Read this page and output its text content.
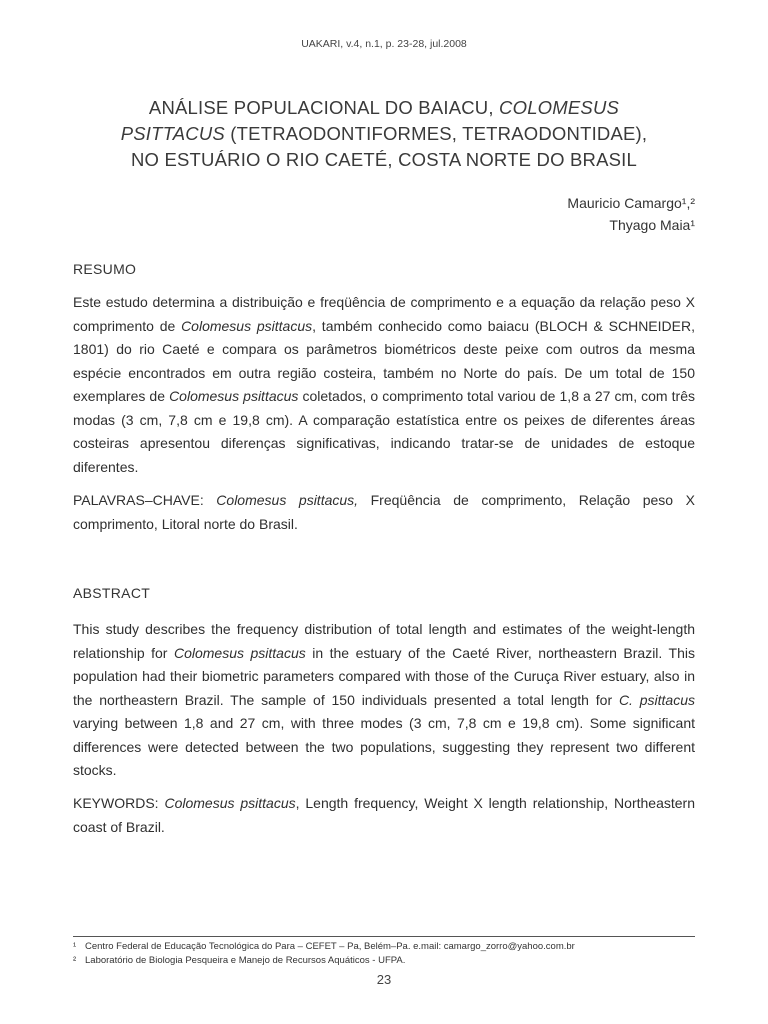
UAKARI, v.4, n.1, p. 23-28, jul.2008
ANÁLISE POPULACIONAL DO BAIACU, COLOMESUS
PSITTACUS (TETRAODONTIFORMES, TETRAODONTIDAE),
NO ESTUÁRIO O RIO CAETÉ, COSTA NORTE DO BRASIL
Mauricio Camargo¹,²
Thyago Maia¹
RESUMO
Este estudo determina a distribuição e freqüência de comprimento e a equação da relação peso X comprimento de Colomesus psittacus, também conhecido como baiacu (BLOCH & SCHNEIDER, 1801) do rio Caeté e compara os parâmetros biométricos deste peixe com outros da mesma espécie encontrados em outra região costeira, também no Norte do país. De um total de 150 exemplares de Colomesus psittacus coletados, o comprimento total variou de 1,8 a 27 cm, com três modas (3 cm, 7,8 cm e 19,8 cm). A comparação estatística entre os peixes de diferentes áreas costeiras apresentou diferenças significativas, indicando tratar-se de unidades de estoque diferentes.
PALAVRAS–CHAVE: Colomesus psittacus, Freqüência de comprimento, Relação peso X comprimento, Litoral norte do Brasil.
ABSTRACT
This study describes the frequency distribution of total length and estimates of the weight-length relationship for Colomesus psittacus in the estuary of the Caeté River, northeastern Brazil. This population had their biometric parameters compared with those of the Curuça River estuary, also in the northeastern Brazil. The sample of 150 individuals presented a total length for C. psittacus varying between 1,8 and 27 cm, with three modes (3 cm, 7,8 cm e 19,8 cm). Some significant differences were detected between the two populations, suggesting they represent two different stocks.
KEYWORDS: Colomesus psittacus, Length frequency, Weight X length relationship, Northeastern coast of Brazil.
¹ Centro Federal de Educação Tecnológica do Para – CEFET – Pa, Belém–Pa. e.mail: camargo_zorro@yahoo.com.br
² Laboratório de Biologia Pesqueira e Manejo de Recursos Aquáticos - UFPA.
23
